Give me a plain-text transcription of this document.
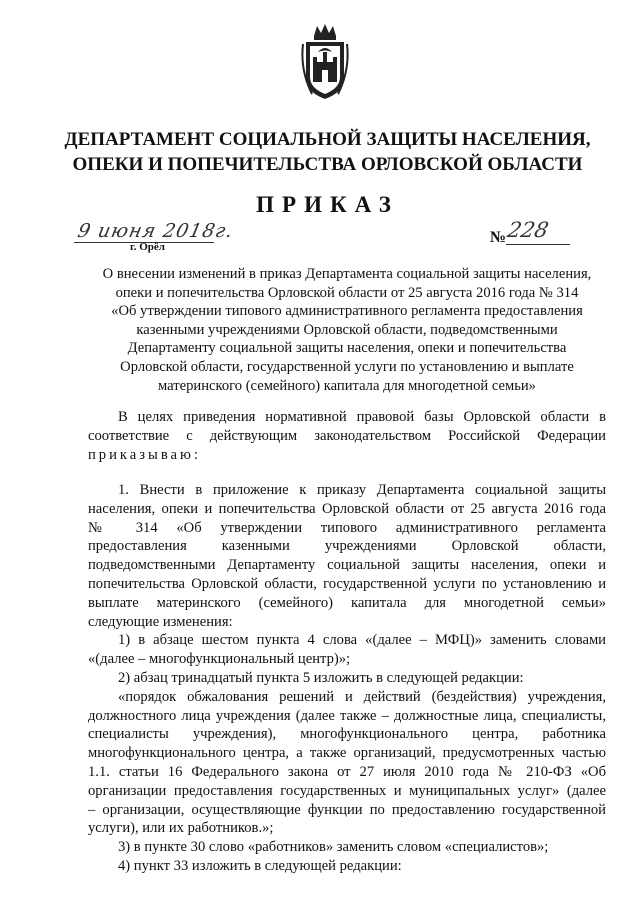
ДЕПАРТАМЕНТ СОЦИАЛЬНОЙ ЗАЩИТЫ НАСЕЛЕНИЯ,
ОПЕКИ И ПОПЕЧИТЕЛЬСТВА ОРЛОВСКОЙ ОБЛАСТИ
ПРИКАЗ
9 июня 2018г.
г. Орёл
№ 228
О внесении изменений в приказ Департамента социальной защиты населения,
опеки и попечительства Орловской области от 25 августа 2016 года № 314
«Об утверждении типового административного регламента предоставления
казенными учреждениями Орловской области, подведомственными
Департаменту социальной защиты населения, опеки и попечительства
Орловской области, государственной услуги по установлению и выплате
материнского (семейного) капитала для многодетной семьи»
В целях приведения нормативной правовой базы Орловской области в
соответствие с действующим законодательством Российской Федерации
приказываю:
1. Внести в приложение к приказу Департамента социальной защиты
населения, опеки и попечительства Орловской области от 25 августа 2016 года
№ 314 «Об утверждении типового административного регламента
предоставления казенными учреждениями Орловской области,
подведомственными Департаменту социальной защиты населения, опеки и
попечительства Орловской области, государственной услуги по установлению и
выплате материнского (семейного) капитала для многодетной семьи»
следующие изменения:
1) в абзаце шестом пункта 4 слова «(далее – МФЦ)» заменить словами
«(далее – многофункциональный центр)»;
2) абзац тринадцатый пункта 5 изложить в следующей редакции:
«порядок обжалования решений и действий (бездействия) учреждения,
должностного лица учреждения (далее также – должностные лица, специалисты,
специалисты учреждения), многофункционального центра, работника
многофункционального центра, а также организаций, предусмотренных частью
1.1. статьи 16 Федерального закона от 27 июля 2010 года № 210-ФЗ «Об
организации предоставления государственных и муниципальных услуг» (далее
– организации, осуществляющие функции по предоставлению государственной
услуги), или их работников.»;
3) в пункте 30 слово «работников» заменить словом «специалистов»;
4) пункт 33 изложить в следующей редакции:
